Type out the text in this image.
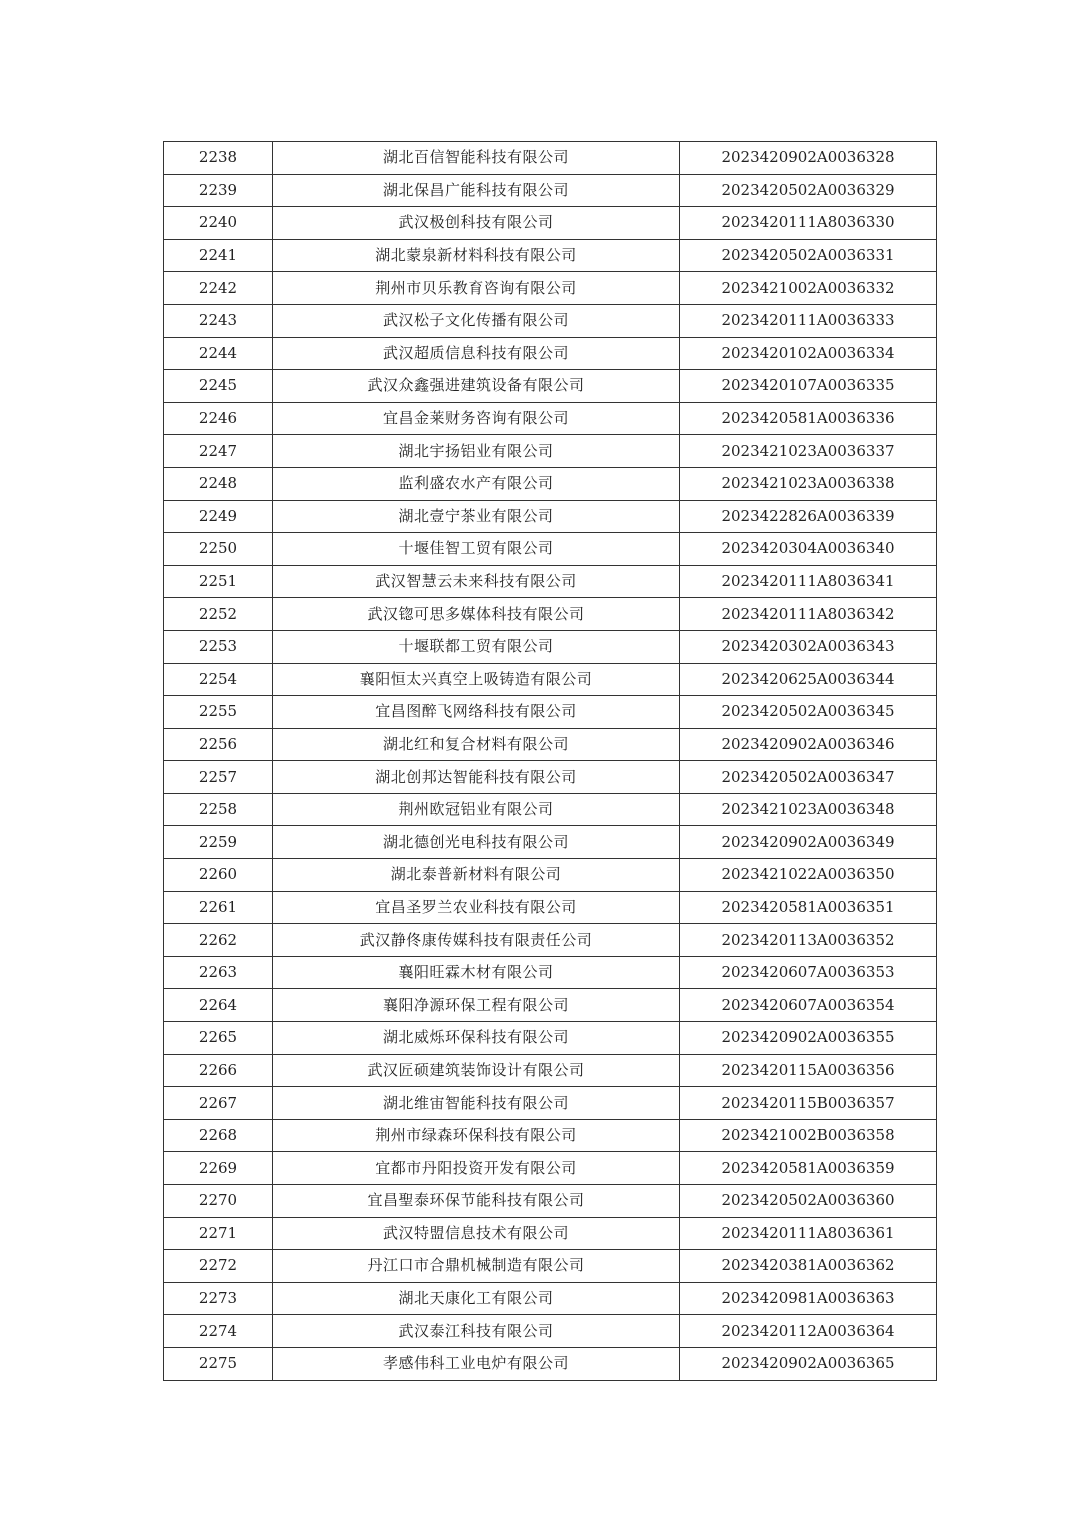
2238	湖北百信智能科技有限公司	2023420902A0036328
2239	湖北保昌广能科技有限公司	2023420502A0036329
2240	武汉极创科技有限公司	2023420111A8036330
2241	湖北蒙泉新材料科技有限公司	2023420502A0036331
2242	荆州市贝乐教育咨询有限公司	2023421002A0036332
2243	武汉松子文化传播有限公司	2023420111A0036333
2244	武汉超质信息科技有限公司	2023420102A0036334
2245	武汉众鑫强进建筑设备有限公司	2023420107A0036335
2246	宜昌金莱财务咨询有限公司	2023420581A0036336
2247	湖北宇扬铝业有限公司	2023421023A0036337
2248	监利盛农水产有限公司	2023421023A0036338
2249	湖北壹宁茶业有限公司	2023422826A0036339
2250	十堰佳智工贸有限公司	2023420304A0036340
2251	武汉智慧云未来科技有限公司	2023420111A8036341
2252	武汉锪可思多媒体科技有限公司	2023420111A8036342
2253	十堰联都工贸有限公司	2023420302A0036343
2254	襄阳恒太兴真空上吸铸造有限公司	2023420625A0036344
2255	宜昌图醉飞网络科技有限公司	2023420502A0036345
2256	湖北红和复合材料有限公司	2023420902A0036346
2257	湖北创邦达智能科技有限公司	2023420502A0036347
2258	荆州欧冠铝业有限公司	2023421023A0036348
2259	湖北德创光电科技有限公司	2023420902A0036349
2260	湖北泰普新材料有限公司	2023421022A0036350
2261	宜昌圣罗兰农业科技有限公司	2023420581A0036351
2262	武汉静佟康传媒科技有限责任公司	2023420113A0036352
2263	襄阳旺霖木材有限公司	2023420607A0036353
2264	襄阳净源环保工程有限公司	2023420607A0036354
2265	湖北威烁环保科技有限公司	2023420902A0036355
2266	武汉匠硕建筑装饰设计有限公司	2023420115A0036356
2267	湖北维宙智能科技有限公司	2023420115B0036357
2268	荆州市绿森环保科技有限公司	2023421002B0036358
2269	宜都市丹阳投资开发有限公司	2023420581A0036359
2270	宜昌聖泰环保节能科技有限公司	2023420502A0036360
2271	武汉特盟信息技术有限公司	2023420111A8036361
2272	丹江口市合鼎机械制造有限公司	2023420381A0036362
2273	湖北天康化工有限公司	2023420981A0036363
2274	武汉泰江科技有限公司	2023420112A0036364
2275	孝感伟科工业电炉有限公司	2023420902A0036365
